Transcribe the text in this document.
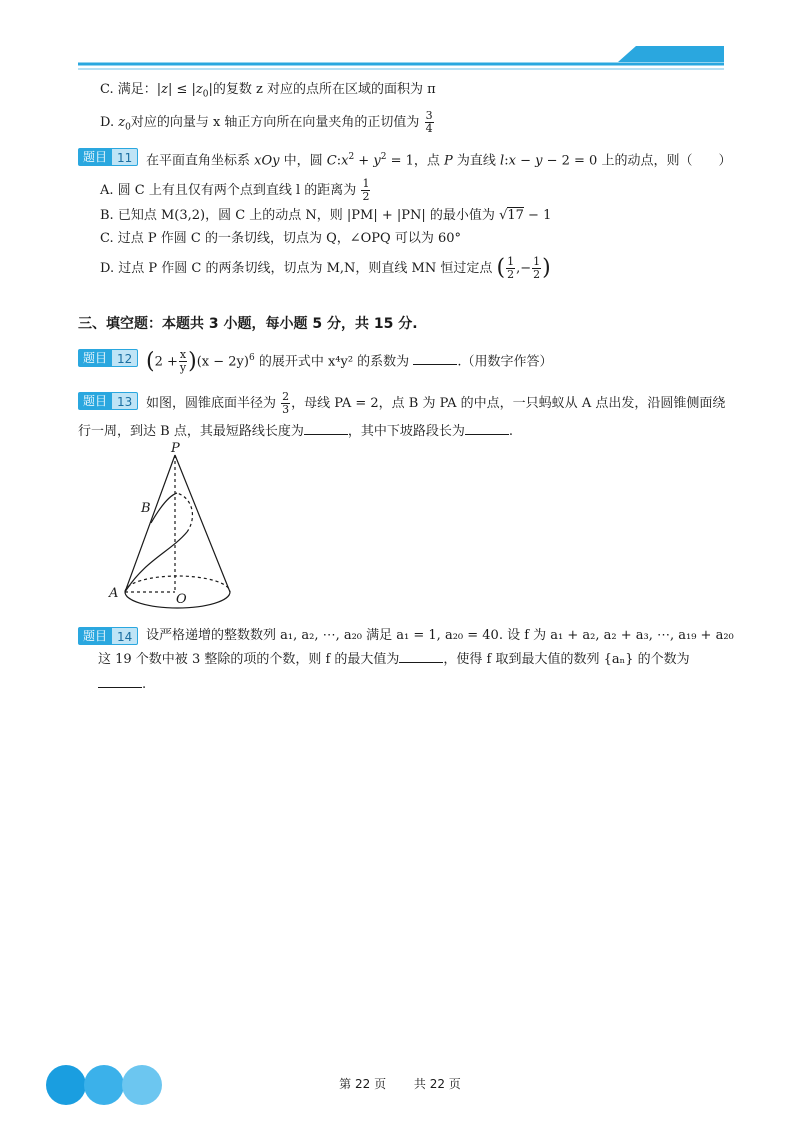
C. 满足：$|z| \le |z_0|$的复数 z 对应的点所在区域的面积为 π
D. $z_0$对应的向量与 x 轴正方向所在向量夹角的正切值为 $\frac{3}{4}$
题目 11	在平面直角坐标系 xOy 中，圆 $C:x^2 + y^2 = 1$，点 P 为直线 l:x − y − 2 = 0 上的动点，则（　　）
A. 圆 C 上有且仅有两个点到直线 l 的距离为 $\frac{1}{2}$
B. 已知点 M(3,2)，圆 C 上的动点 N，则 |PM| + |PN| 的最小值为 √17 − 1
C. 过点 P 作圆 C 的一条切线，切点为 Q，∠OPQ 可以为 60°
D. 过点 P 作圆 C 的两条切线，切点为 M,N，则直线 MN 恒过定点 ( $\frac{1}{2}$ ,− $\frac{1}{2}$ )
三、填空题：本题共 3 小题，每小题 5 分，共 15 分.
题目 12 $(2 + \frac{x}{y} )(x - 2y)^6$ 的展开式中 x⁴y² 的系数为	.（用数字作答）
题目 13	如图，圆锥底面半径为 $\frac{2}{3}$ ，母线 PA = 2，点 B 为 PA 的中点，一只蚂蚁从 A 点出发，沿圆锥侧面绕
行一周，到达 B 点，其最短路线长度为	，其中下坡路段长为	.
P
B
A	O
题目 14	设严格递增的整数数列 a₁, a₂, ⋯, a₂₀ 满足 a₁ = 1, a₂₀ = 40. 设 f 为 a₁ + a₂, a₂ + a₃, ⋯, a₁₉ + a₂₀
这 19 个数中被 3 整除的项的个数，则 f 的最大值为	，使得 f 取到最大值的数列 {aₙ} 的个数为
.
第 22 页 共 22 页
